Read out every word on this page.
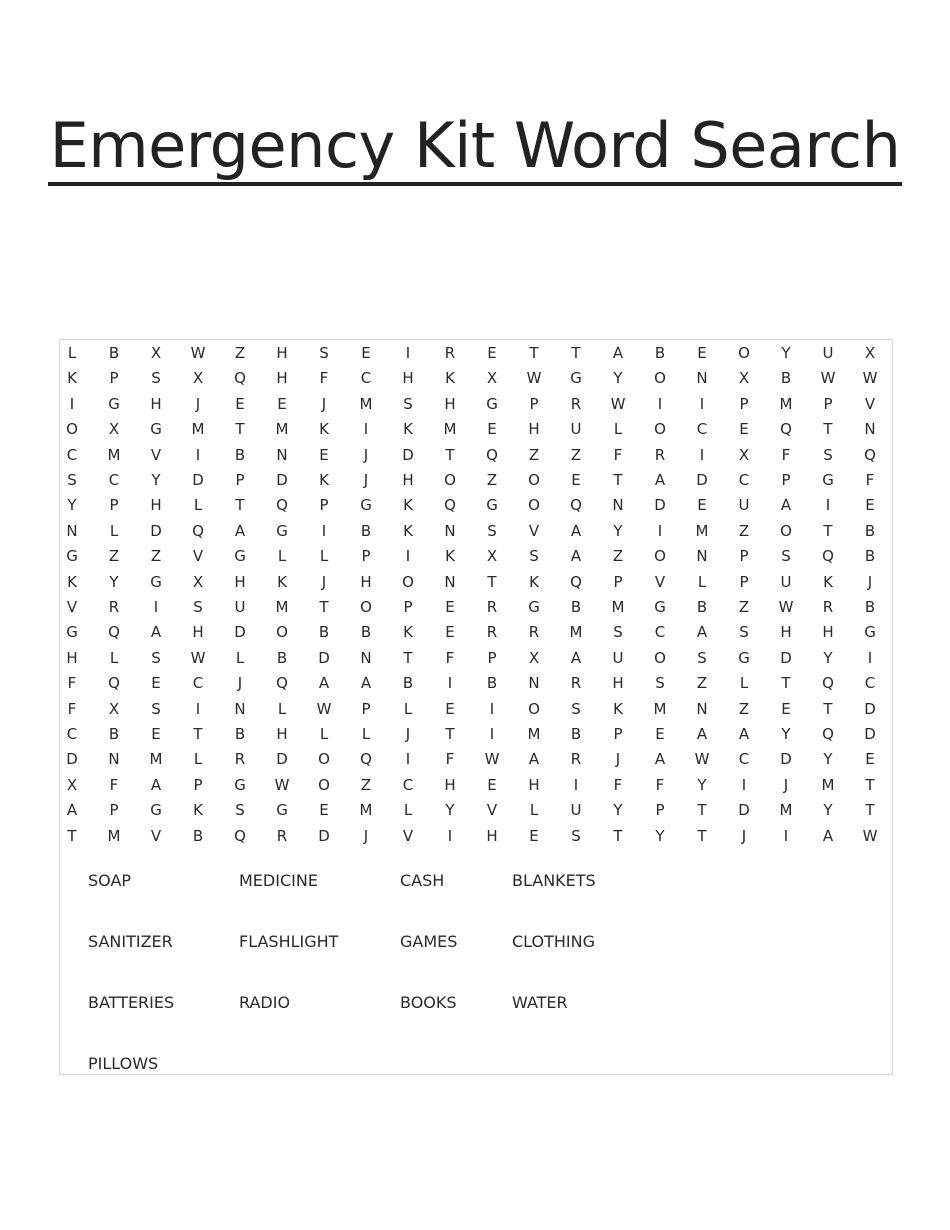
Emergency Kit Word Search
L	B	X	W	Z	H	S	E	I	R	E	T	T	A	B	E	O	Y	U	X
K	P	S	X	Q	H	F	C	H	K	X	W	G	Y	O	N	X	B	W	W
I	G	H	J	E	E	J	M	S	H	G	P	R	W	I	I	P	M	P	V
O	X	G	M	T	M	K	I	K	M	E	H	U	L	O	C	E	Q	T	N
C	M	V	I	B	N	E	J	D	T	Q	Z	Z	F	R	I	X	F	S	Q
S	C	Y	D	P	D	K	J	H	O	Z	O	E	T	A	D	C	P	G	F
Y	P	H	L	T	Q	P	G	K	Q	G	O	Q	N	D	E	U	A	I	E
N	L	D	Q	A	G	I	B	K	N	S	V	A	Y	I	M	Z	O	T	B
G	Z	Z	V	G	L	L	P	I	K	X	S	A	Z	O	N	P	S	Q	B
K	Y	G	X	H	K	J	H	O	N	T	K	Q	P	V	L	P	U	K	J
V	R	I	S	U	M	T	O	P	E	R	G	B	M	G	B	Z	W	R	B
G	Q	A	H	D	O	B	B	K	E	R	R	M	S	C	A	S	H	H	G
H	L	S	W	L	B	D	N	T	F	P	X	A	U	O	S	G	D	Y	I
F	Q	E	C	J	Q	A	A	B	I	B	N	R	H	S	Z	L	T	Q	C
F	X	S	I	N	L	W	P	L	E	I	O	S	K	M	N	Z	E	T	D
C	B	E	T	B	H	L	L	J	T	I	M	B	P	E	A	A	Y	Q	D
D	N	M	L	R	D	O	Q	I	F	W	A	R	J	A	W	C	D	Y	E
X	F	A	P	G	W	O	Z	C	H	E	H	I	F	F	Y	I	J	M	T
A	P	G	K	S	G	E	M	L	Y	V	L	U	Y	P	T	D	M	Y	T
T	M	V	B	Q	R	D	J	V	I	H	E	S	T	Y	T	J	I	A	W
SOAP	MEDICINE	CASH	BLANKETS
SANITIZER	FLASHLIGHT	GAMES	CLOTHING
BATTERIES	RADIO	BOOKS	WATER
PILLOWS
